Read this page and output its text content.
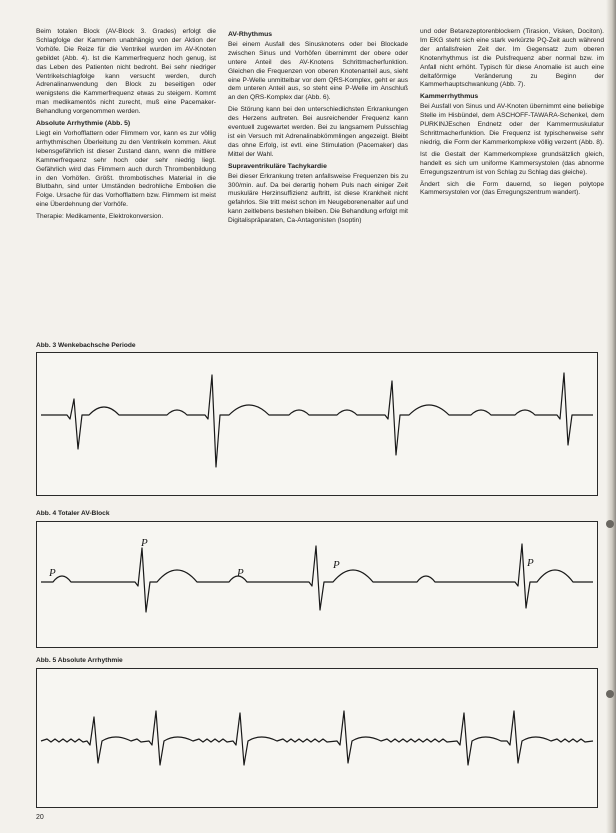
Beim totalen Block (AV-Block 3. Grades) erfolgt die Schlagfolge der Kammern unabhängig von der Aktion der Vorhöfe. Die Reize für die Ventrikel wurden im AV-Knoten gebildet (Abb. 4). Ist die Kammerfrequenz hoch genug, ist das Leben des Patienten nicht bedroht. Bei sehr niedriger Ventrikelschlagfolge kann versucht werden, durch Adrenalinanwendung den Block zu beseitigen oder wenigstens die Kammerfrequenz etwas zu steigern. Kommt man medikamentös nicht zurecht, muß eine Pacemaker-Behandlung vorgenommen werden.

Absolute Arrhythmie (Abb. 5)

Liegt ein Vorhofflattern oder Flimmern vor, kann es zur völlig arrhythmischen Überleitung zu den Ventrikeln kommen. Akut lebensgefährlich ist dieser Zustand dann, wenn die mittlere Kammerfrequenz sehr hoch oder sehr niedrig liegt. Gefährlich wird das Flimmern auch durch Thrombenbildung in den Vorhöfen. Größt. thrombotisches Material in die Blutbahn, sind unter Umständen bedrohliche Embolien die Folge. Ursache für das Vorhofflattern bzw. Flimmern ist meist eine Überdehnung der Vorhöfe.

Therapie: Medikamente, Elektrokonversion.

AV-Rhythmus

Bei einem Ausfall des Sinusknotens oder bei Blockade zwischen Sinus und Vorhöfen übernimmt der obere oder untere Anteil des AV-Knotens Schrittmacherfunktion. Gleichen die Frequenzen von oberen Knotenanteil aus, sieht eine P-Welle unmittelbar vor dem QRS-Komplex, geht er aus dem unteren Anteil aus, so steht eine P-Welle im Anschluß an den QRS-Komplex dar (Abb. 6).

Die Störung kann bei den unterschiedlichsten Erkrankungen des Herzens auftreten. Bei ausreichender Frequenz kann eventuell zugewartet werden. Bei zu langsamem Pulsschlag ist ein Versuch mit Adrenalinabkömmlingen angezeigt. Bleibt das ohne Erfolg, ist evtl. eine Stimulation (Pacemaker) das Mittel der Wahl.

Supraventrikuläre Tachykardie

Bei dieser Erkrankung treten anfallsweise Frequenzen bis zu 300/min. auf. Da bei derartig hohem Puls nach einiger Zeit muskuläre Herzinsuffizienz auftritt, ist diese Krankheit nicht gefahrlos. Sie tritt meist schon im Neugeborenenalter auf und kann zeitlebens bestehen bleiben. Die Behandlung erfolgt mit Digitalispräparaten, Ca-Antagonisten (Isoptin)

und oder Betarezeptorenblockern (Tirasion, Visken, Dociton). Im EKG steht sich eine stark verkürzte PQ-Zeit auch während der anfallsfreien Zeit der. Im Gegensatz zum oberen Knotenrhythmus ist die Pulsfrequenz aber normal bzw. im Anfall nicht erhöht. Typisch für diese Anomalie ist auch eine deltaförmige Veränderung zu Beginn der Kammerhauptschwankung (Abb. 7).

Kammerrhythmus

Bei Ausfall von Sinus und AV-Knoten übernimmt eine beliebige Stelle im Hisbündel, dem ASCHOFF-TAWARA-Schenkel, dem PURKINJEschen Endnetz oder der Kammermuskulatur Schrittmacherfunktion. Die Frequenz ist typischerweise sehr niedrig, die Form der Kammerkomplexe völlig verzerrt (Abb. 8).

Ist die Gestalt der Kammerkomplexe grundsätzlich gleich, handelt es sich um uniforme Kammersystolen (das abnorme Erregungszentrum ist von Schlag zu Schlag das gleiche).

Ändert sich die Form dauernd, so liegen polytope Kammersystolen vor (das Erregungszentrum wandert).

Abb. 3 Wenkebachsche Periode
Abb. 4 Totaler AV-Block
P
P
P
P	P
Abb. 5 Absolute Arrhythmie
20
